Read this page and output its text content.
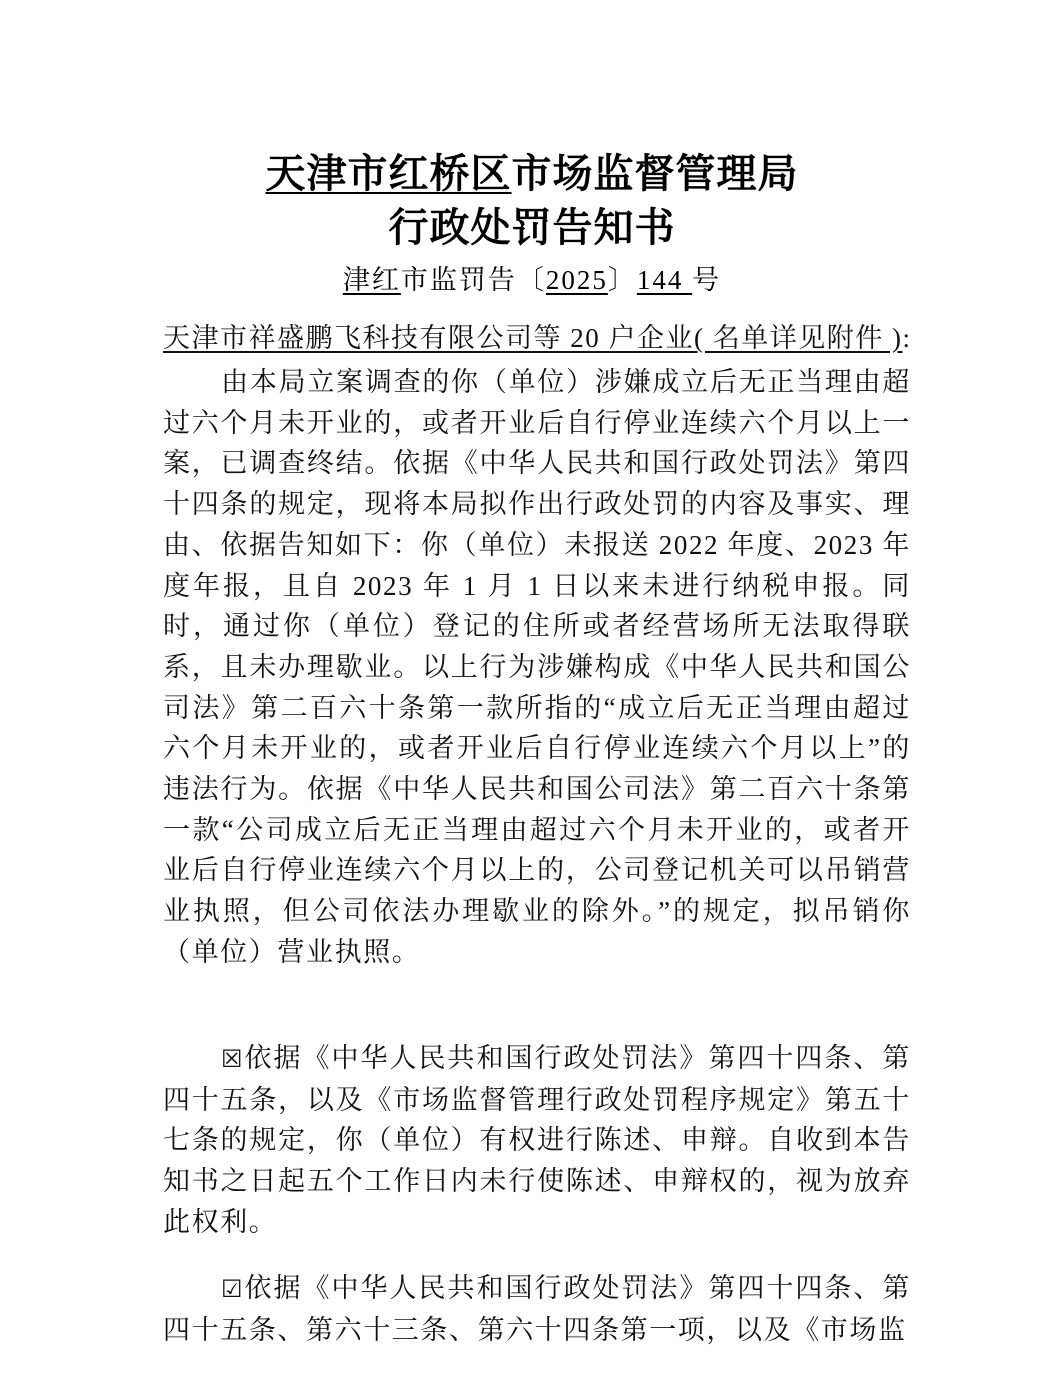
天津市红桥区市场监督管理局
行政处罚告知书
津红市监罚告〔2025〕144 号
天津市祥盛鹏飞科技有限公司等 20 户企业( 名单详见附件 ):
由本局立案调查的你（单位）涉嫌成立后无正当理由超过六个月未开业的，或者开业后自行停业连续六个月以上一案，已调查终结。依据《中华人民共和国行政处罚法》第四十四条的规定，现将本局拟作出行政处罚的内容及事实、理由、依据告知如下：你（单位）未报送 2022 年度、2023 年度年报，且自 2023 年 1 月 1 日以来未进行纳税申报。同时，通过你（单位）登记的住所或者经营场所无法取得联系，且未办理歇业。以上行为涉嫌构成《中华人民共和国公司法》第二百六十条第一款所指的“成立后无正当理由超过六个月未开业的，或者开业后自行停业连续六个月以上”的违法行为。依据《中华人民共和国公司法》第二百六十条第一款“公司成立后无正当理由超过六个月未开业的，或者开业后自行停业连续六个月以上的，公司登记机关可以吊销营业执照，但公司依法办理歇业的除外。”的规定，拟吊销你（单位）营业执照。
☒依据《中华人民共和国行政处罚法》第四十四条、第四十五条，以及《市场监督管理行政处罚程序规定》第五十七条的规定，你（单位）有权进行陈述、申辩。自收到本告知书之日起五个工作日内未行使陈述、申辩权的，视为放弃此权利。
☑依据《中华人民共和国行政处罚法》第四十四条、第四十五条、第六十三条、第六十四条第一项，以及《市场监
